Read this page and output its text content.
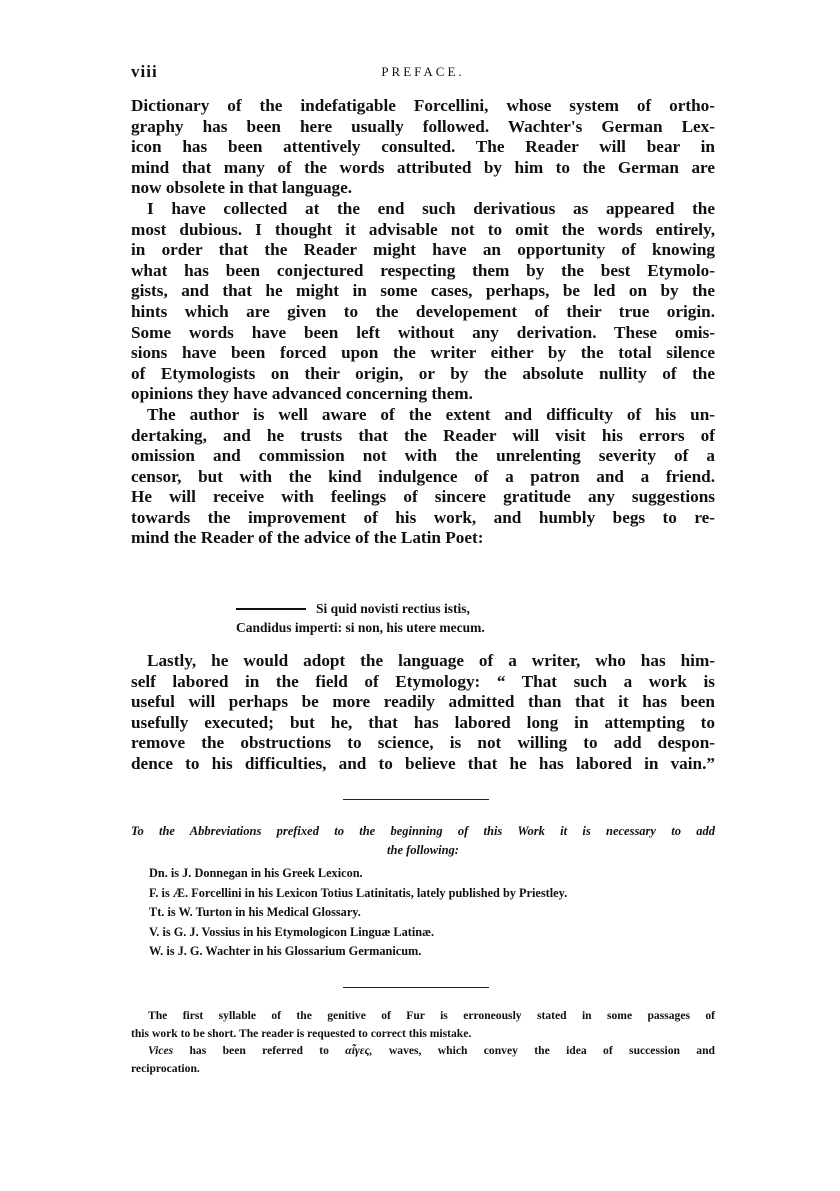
viii	PREFACE.
Dictionary of the indefatigable Forcellini, whose system of ortho-
graphy has been here usually followed. Wachter's German Lex-
icon has been attentively consulted. The Reader will bear in
mind that many of the words attributed by him to the German are
now obsolete in that language.
I have collected at the end such derivatious as appeared the
most dubious. I thought it advisable not to omit the words entirely,
in order that the Reader might have an opportunity of knowing
what has been conjectured respecting them by the best Etymolo-
gists, and that he might in some cases, perhaps, be led on by the
hints which are given to the developement of their true origin.
Some words have been left without any derivation. These omis-
sions have been forced upon the writer either by the total silence
of Etymologists on their origin, or by the absolute nullity of the
opinions they have advanced concerning them.
The author is well aware of the extent and difficulty of his un-
dertaking, and he trusts that the Reader will visit his errors of
omission and commission not with the unrelenting severity of a
censor, but with the kind indulgence of a patron and a friend.
He will receive with feelings of sincere gratitude any suggestions
towards the improvement of his work, and humbly begs to re-
mind the Reader of the advice of the Latin Poet:
Si quid novisti rectius istis,
Candidus imperti: si non, his utere mecum.
Lastly, he would adopt the language of a writer, who has him-
self labored in the field of Etymology: “ That such a work is
useful will perhaps be more readily admitted than that it has been
usefully executed; but he, that has labored long in attempting to
remove the obstructions to science, is not willing to add despon-
dence to his difficulties, and to believe that he has labored in vain.”
To the Abbreviations prefixed to the beginning of this Work it is necessary to add
the following:
Dn. is J. Donnegan in his Greek Lexicon.
F. is Æ. Forcellini in his Lexicon Totius Latinitatis, lately published by Priestley.
Tt. is W. Turton in his Medical Glossary.
V. is G. J. Vossius in his Etymologicon Linguæ Latinæ.
W. is J. G. Wachter in his Glossarium Germanicum.
The first syllable of the genitive of Fur is erroneously stated in some passages of
this work to be short. The reader is requested to correct this mistake.
Vices has been referred to αἶγες, waves, which convey the idea of succession and
reciprocation.
